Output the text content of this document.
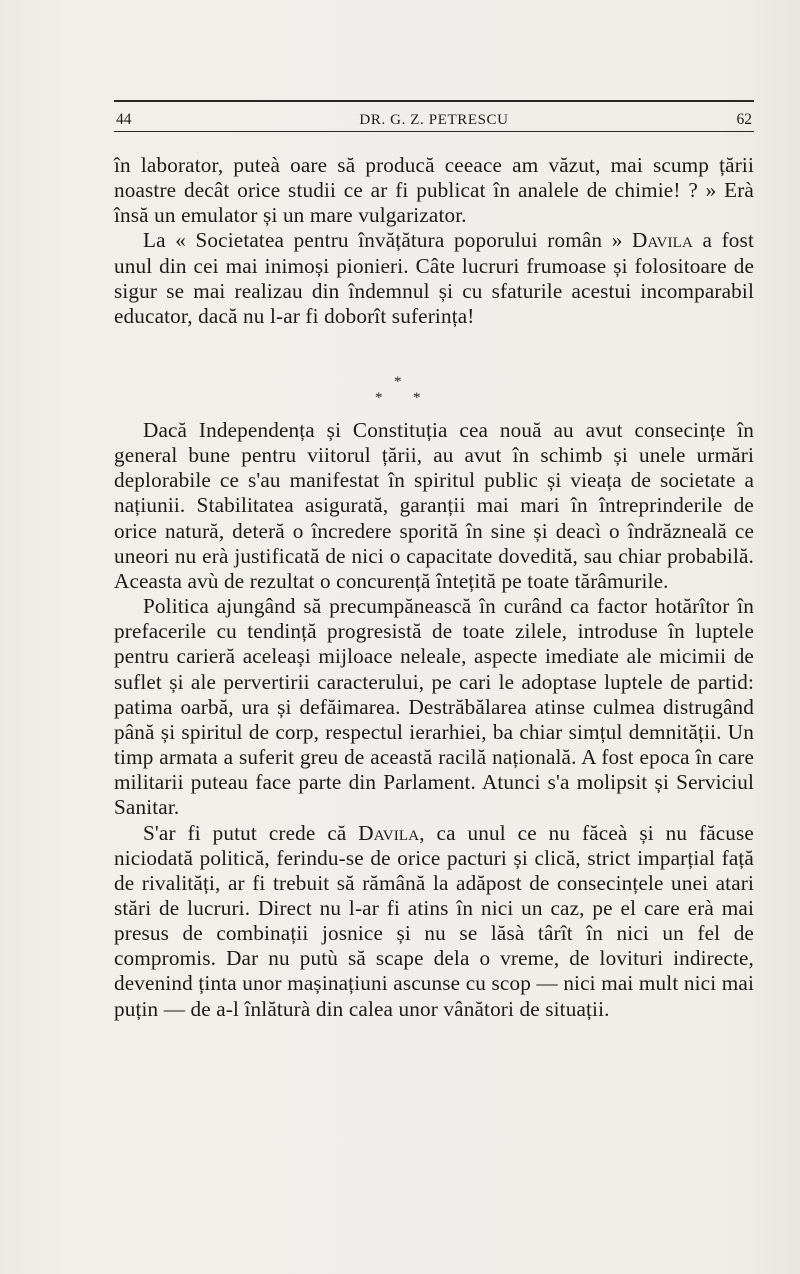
44	DR. G. Z. PETRESCU	62

în laborator, puteà oare să producă ceeace am văzut, mai scump țării noastre decât orice studii ce ar fi publicat în analele de chimie! ? » Erà însă un emulator și un mare vulgarizator.

La « Societatea pentru învățătura poporului român » Davila a fost unul din cei mai inimoși pionieri. Câte lucruri frumoase și folositoare de sigur se mai realizau din îndemnul și cu sfaturile acestui incomparabil educator, dacă nu l-ar fi doborît suferința!

*
* *

Dacă Independența și Constituția cea nouă au avut consecințe în general bune pentru viitorul țării, au avut în schimb și unele urmări deplorabile ce s'au manifestat în spiritul public și vieața de societate a națiunii. Stabilitatea asigurată, garanții mai mari în întreprinderile de orice natură, deteră o încredere sporită în sine și deacì o îndrăzneală ce uneori nu erà justificată de nici o capacitate dovedită, sau chiar probabilă. Aceasta avù de rezultat o concurență întețită pe toate tărâmurile.

Politica ajungând să precumpănească în curând ca factor hotărîtor în prefacerile cu tendință progresistă de toate zilele, introduse în luptele pentru carieră aceleași mijloace neleale, aspecte imediate ale micimii de suflet și ale pervertirii caracterului, pe cari le adoptase luptele de partid: patima oarbă, ura și defăimarea. Destrăbălarea atinse culmea distrugând până și spiritul de corp, respectul ierarhiei, ba chiar simțul demnității. Un timp armata a suferit greu de această racilă națională. A fost epoca în care militarii puteau face parte din Parlament. Atunci s'a molipsit și Serviciul Sanitar.

S'ar fi putut crede că Davila, ca unul ce nu făceà și nu făcuse niciodată politică, ferindu-se de orice pacturi și clică, strict imparțial față de rivalități, ar fi trebuit să rămână la adăpost de consecințele unei atari stări de lucruri. Direct nu l-ar fi atins în nici un caz, pe el care erà mai presus de combinații josnice și nu se lăsà târît în nici un fel de compromis. Dar nu putù să scape dela o vreme, de lovituri indirecte, devenind ținta unor mașinațiuni ascunse cu scop — nici mai mult nici mai puțin — de a-l înlăturà din calea unor vânători de situații.
